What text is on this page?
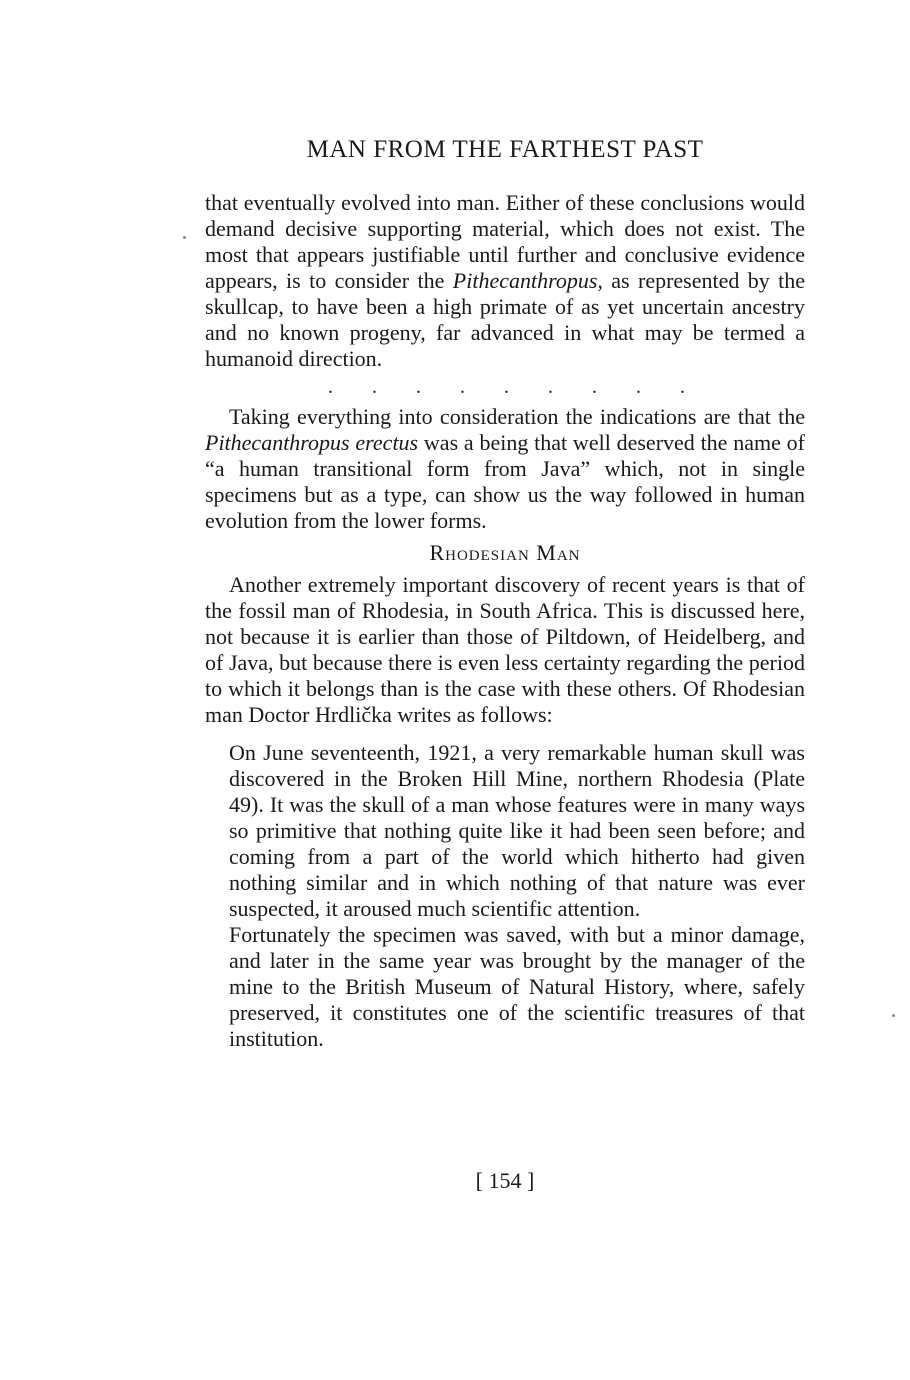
MAN FROM THE FARTHEST PAST

that eventually evolved into man. Either of these conclusions would demand decisive supporting material, which does not exist. The most that appears justifiable until further and conclusive evidence appears, is to consider the Pithecanthropus, as represented by the skullcap, to have been a high primate of as yet uncertain ancestry and no known progeny, far advanced in what may be termed a humanoid direction.

. . . . . . . . .

Taking everything into consideration the indications are that the Pithecanthropus erectus was a being that well deserved the name of “a human transitional form from Java” which, not in single specimens but as a type, can show us the way followed in human evolution from the lower forms.

Rhodesian Man

Another extremely important discovery of recent years is that of the fossil man of Rhodesia, in South Africa. This is discussed here, not because it is earlier than those of Piltdown, of Heidelberg, and of Java, but because there is even less certainty regarding the period to which it belongs than is the case with these others. Of Rhodesian man Doctor Hrdlička writes as follows:

On June seventeenth, 1921, a very remarkable human skull was discovered in the Broken Hill Mine, northern Rhodesia (Plate 49). It was the skull of a man whose features were in many ways so primitive that nothing quite like it had been seen before; and coming from a part of the world which hitherto had given nothing similar and in which nothing of that nature was ever suspected, it aroused much scientific attention.

Fortunately the specimen was saved, with but a minor damage, and later in the same year was brought by the manager of the mine to the British Museum of Natural History, where, safely preserved, it constitutes one of the scientific treasures of that institution.

[ 154 ]
